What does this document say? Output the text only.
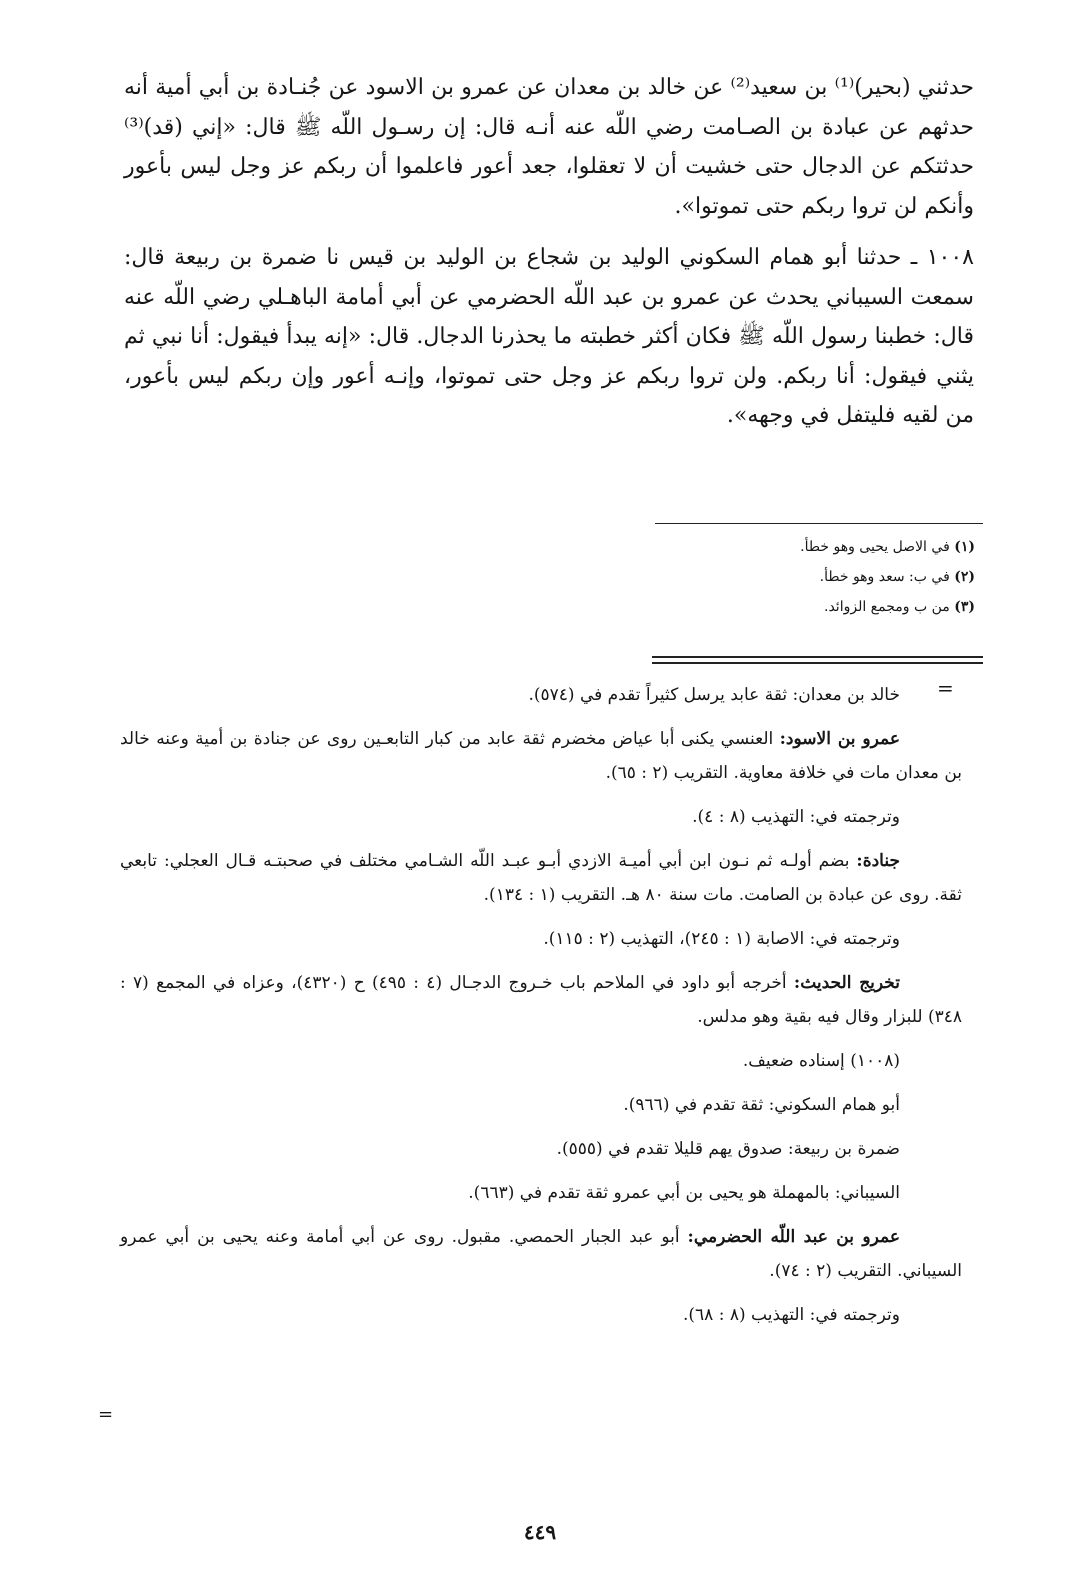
حدثني (بحير)⁽¹⁾ بن سعيد⁽²⁾ عن خالد بن معدان عن عمرو بن الاسود عن جُنـادة بن أبي أمية أنه حدثهم عن عبادة بن الصـامت رضي اللّه عنه أنـه قال: إن رسـول اللّه ﷺ قال: «إني (قد)⁽³⁾ حدثتكم عن الدجال حتى خشيت أن لا تعقلوا، جعد أعور فاعلموا أن ربكم عز وجل ليس بأعور وأنكم لن تروا ربكم حتى تموتوا».

١٠٠٨ ـ حدثنا أبو همام السكوني الوليد بن شجاع بن الوليد بن قيس نا ضمرة بن ربيعة قال: سمعت السيباني يحدث عن عمرو بن عبد اللّه الحضرمي عن أبي أمامة الباهـلي رضي اللّه عنه قال: خطبنا رسول اللّه ﷺ فكان أكثر خطبته ما يحذرنا الدجال. قال: «إنه يبدأ فيقول: أنا نبي ثم يثني فيقول: أنا ربكم. ولن تروا ربكم عز وجل حتى تموتوا، وإنـه أعور وإن ربكم ليس بأعور، من لقيه فليتفل في وجهه».

(١) في الاصل يحيى وهو خطأ.
(٢) في ب: سعد وهو خطأ.
(٣) من ب ومجمع الزوائد.
=

خالد بن معدان: ثقة عابد يرسل كثيراً تقدم في (٥٧٤).

عمرو بن الاسود: العنسي يكنى أبا عياض مخضرم ثقة عابد من كبار التابعـين روى عن جنادة بن أمية وعنه خالد بن معدان مات في خلافة معاوية. التقريب (٢ : ٦٥).

وترجمته في: التهذيب (٨ : ٤).

جنادة: بضم أولـه ثم نـون ابن أبي أميـة الازدي أبـو عبـد اللّه الشـامي مختلف في صحبتـه قـال العجلي: تابعي ثقة. روى عن عبادة بن الصامت. مات سنة ٨٠ هـ. التقريب (١ : ١٣٤).

وترجمته في: الاصابة (١ : ٢٤٥)، التهذيب (٢ : ١١٥).

تخريج الحديث: أخرجه أبو داود في الملاحم باب خـروج الدجـال (٤ : ٤٩٥) ح (٤٣٢٠)، وعزاه في المجمع (٧ : ٣٤٨) للبزار وقال فيه بقية وهو مدلس.

(١٠٠٨) إسناده ضعيف.

أبو همام السكوني: ثقة تقدم في (٩٦٦).

ضمرة بن ربيعة: صدوق يهم قليلا تقدم في (٥٥٥).

السيباني: بالمهملة هو يحيى بن أبي عمرو ثقة تقدم في (٦٦٣).

عمرو بن عبد اللّه الحضرمي: أبو عبد الجبار الحمصي. مقبول. روى عن أبي أمامة وعنه يحيى بن أبي عمرو السيباني. التقريب (٢ : ٧٤).

وترجمته في: التهذيب (٨ : ٦٨).

=
٤٤٩
